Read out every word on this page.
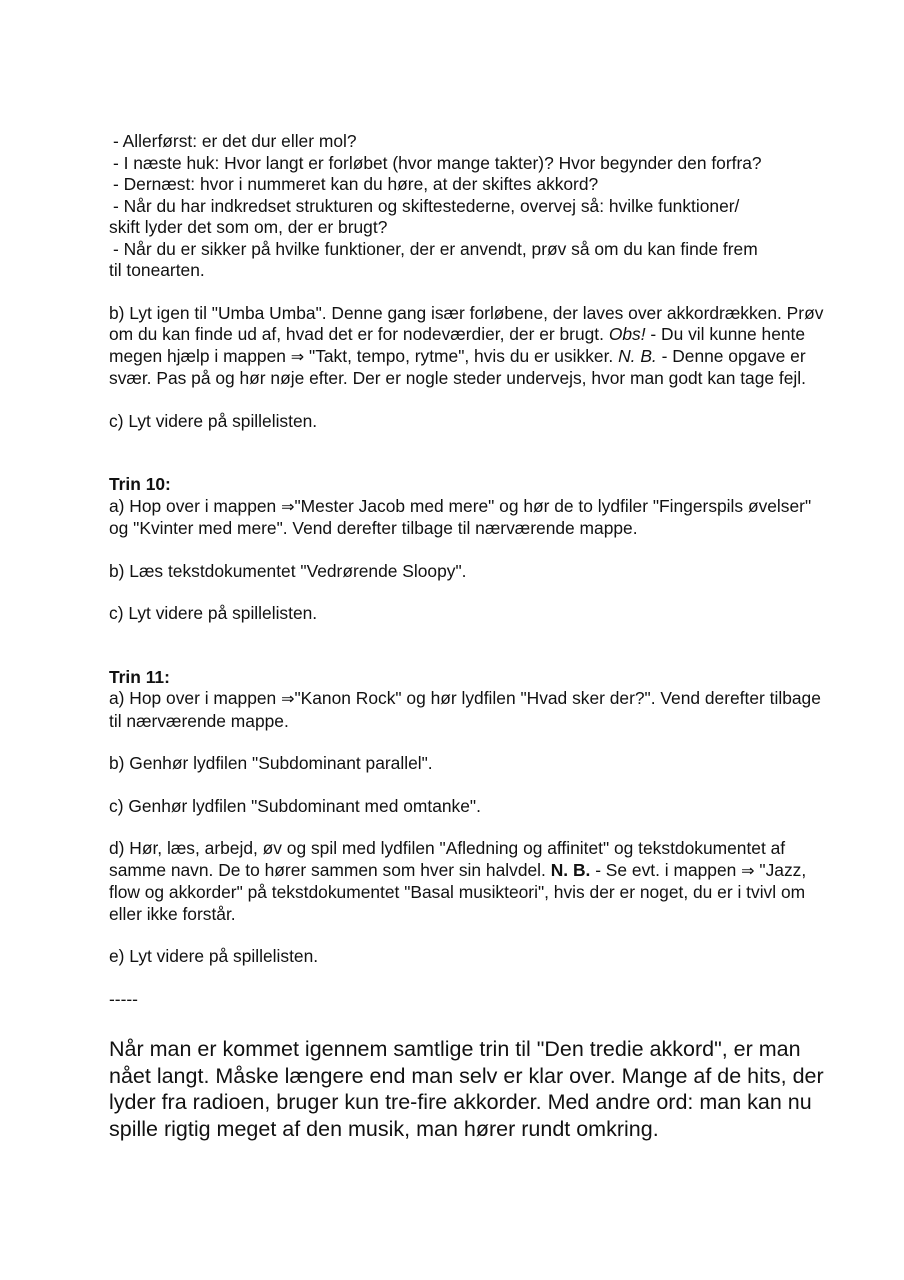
- Allerførst: er det dur eller mol?

- I næste huk: Hvor langt er forløbet (hvor mange takter)? Hvor begynder den forfra?

- Dernæst: hvor i nummeret kan du høre, at der skiftes akkord?

- Når du har indkredset strukturen og skiftestederne, overvej så: hvilke funktioner/

skift lyder det som om, der er brugt?

- Når du er sikker på hvilke funktioner, der er anvendt, prøv så om du kan finde frem

til tonearten.

b) Lyt igen til "Umba Umba". Denne gang især forløbene, der laves over akkordrækken. Prøv om du kan finde ud af, hvad det er for nodeværdier, der er brugt. Obs! - Du vil kunne hente megen hjælp i mappen ⇒ "Takt, tempo, rytme", hvis du er usikker. N. B. - Denne opgave er svær. Pas på og hør nøje efter. Der er nogle steder undervejs, hvor man godt kan tage fejl.

c) Lyt videre på spillelisten.

Trin 10:

a) Hop over i mappen ⇒"Mester Jacob med mere" og hør de to lydfiler "Fingerspils øvelser" og "Kvinter med mere". Vend derefter tilbage til nærværende mappe.

b) Læs tekstdokumentet "Vedrørende Sloopy".

c) Lyt videre på spillelisten.

Trin 11:

a) Hop over i mappen ⇒"Kanon Rock" og hør lydfilen "Hvad sker der?". Vend derefter tilbage til nærværende mappe.

b) Genhør lydfilen "Subdominant parallel".

c) Genhør lydfilen "Subdominant med omtanke".

d) Hør, læs, arbejd, øv og spil med lydfilen "Afledning og affinitet" og tekstdokumentet af samme navn. De to hører sammen som hver sin halvdel. N. B. - Se evt. i mappen ⇒ "Jazz, flow og akkorder" på tekstdokumentet "Basal musikteori", hvis der er noget, du er i tvivl om eller ikke forstår.

e) Lyt videre på spillelisten.

-----

Når man er kommet igennem samtlige trin til "Den tredie akkord", er man nået langt. Måske længere end man selv er klar over. Mange af de hits, der lyder fra radioen, bruger kun tre-fire akkorder. Med andre ord: man kan nu spille rigtig meget af den musik, man hører rundt omkring.
